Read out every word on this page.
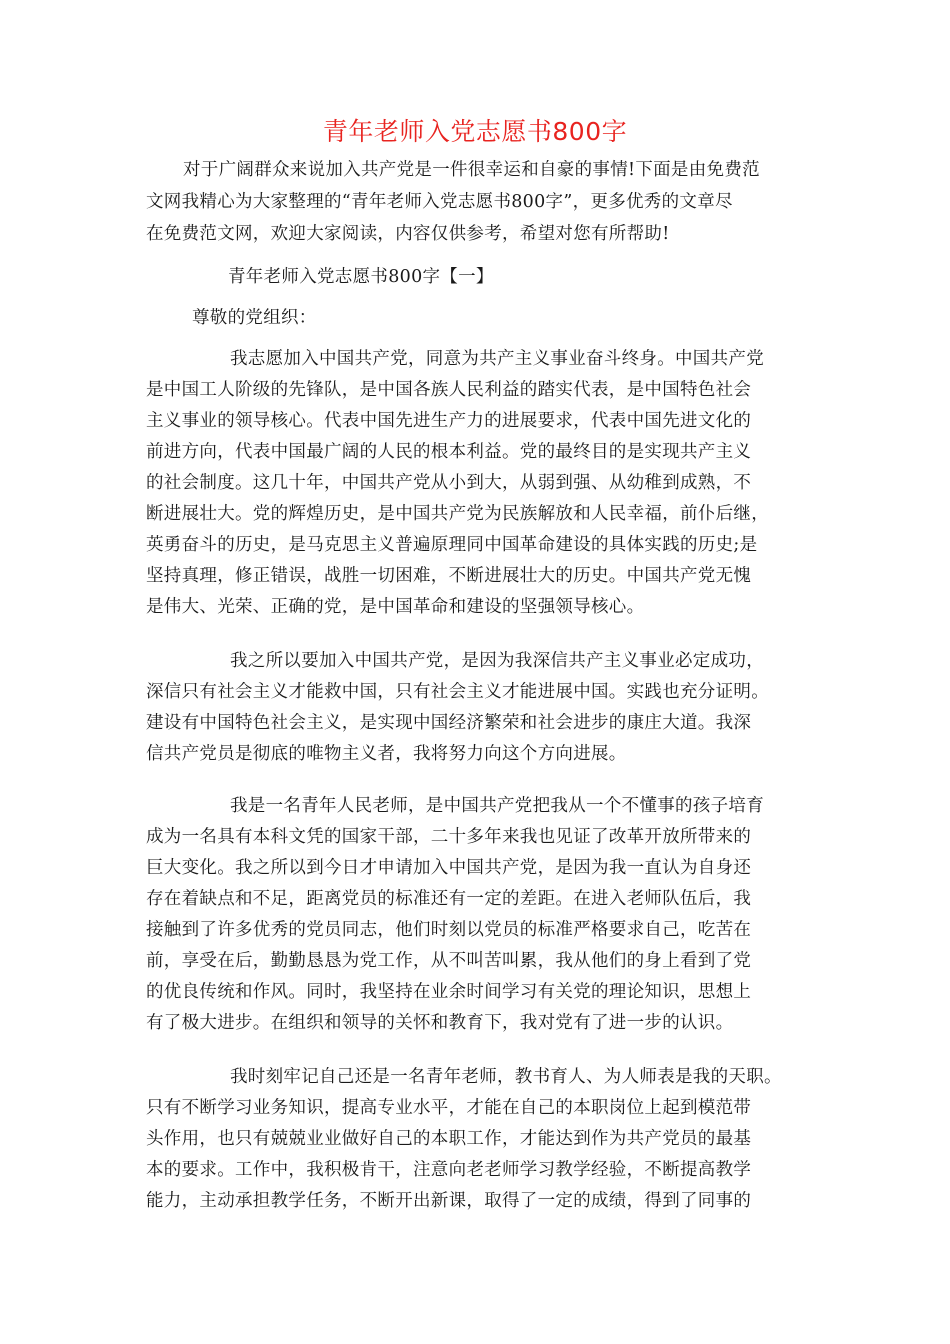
青年老师入党志愿书800字
对于广阔群众来说加入共产党是一件很幸运和自豪的事情!下面是由免费范
文网我精心为大家整理的“青年老师入党志愿书800字”，更多优秀的文章尽
在免费范文网，欢迎大家阅读，内容仅供参考，希望对您有所帮助!
青年老师入党志愿书800字【一】
尊敬的党组织：
我志愿加入中国共产党，同意为共产主义事业奋斗终身。中国共产党
是中国工人阶级的先锋队，是中国各族人民利益的踏实代表，是中国特色社会
主义事业的领导核心。代表中国先进生产力的进展要求，代表中国先进文化的
前进方向，代表中国最广阔的人民的根本利益。党的最终目的是实现共产主义
的社会制度。这几十年，中国共产党从小到大，从弱到强、从幼稚到成熟，不
断进展壮大。党的辉煌历史，是中国共产党为民族解放和人民幸福，前仆后继，
英勇奋斗的历史，是马克思主义普遍原理同中国革命建设的具体实践的历史;是
坚持真理，修正错误，战胜一切困难，不断进展壮大的历史。中国共产党无愧
是伟大、光荣、正确的党，是中国革命和建设的坚强领导核心。
我之所以要加入中国共产党，是因为我深信共产主义事业必定成功，
深信只有社会主义才能救中国，只有社会主义才能进展中国。实践也充分证明。
建设有中国特色社会主义，是实现中国经济繁荣和社会进步的康庄大道。我深
信共产党员是彻底的唯物主义者，我将努力向这个方向进展。
我是一名青年人民老师，是中国共产党把我从一个不懂事的孩子培育
成为一名具有本科文凭的国家干部，二十多年来我也见证了改革开放所带来的
巨大变化。我之所以到今日才申请加入中国共产党，是因为我一直认为自身还
存在着缺点和不足，距离党员的标准还有一定的差距。在进入老师队伍后，我
接触到了许多优秀的党员同志，他们时刻以党员的标准严格要求自己，吃苦在
前，享受在后，勤勤恳恳为党工作，从不叫苦叫累，我从他们的身上看到了党
的优良传统和作风。同时，我坚持在业余时间学习有关党的理论知识，思想上
有了极大进步。在组织和领导的关怀和教育下，我对党有了进一步的认识。
我时刻牢记自己还是一名青年老师，教书育人、为人师表是我的天职。
只有不断学习业务知识，提高专业水平，才能在自己的本职岗位上起到模范带
头作用，也只有兢兢业业做好自己的本职工作，才能达到作为共产党员的最基
本的要求。工作中，我积极肯干，注意向老老师学习教学经验，不断提高教学
能力，主动承担教学任务，不断开出新课，取得了一定的成绩，得到了同事的
